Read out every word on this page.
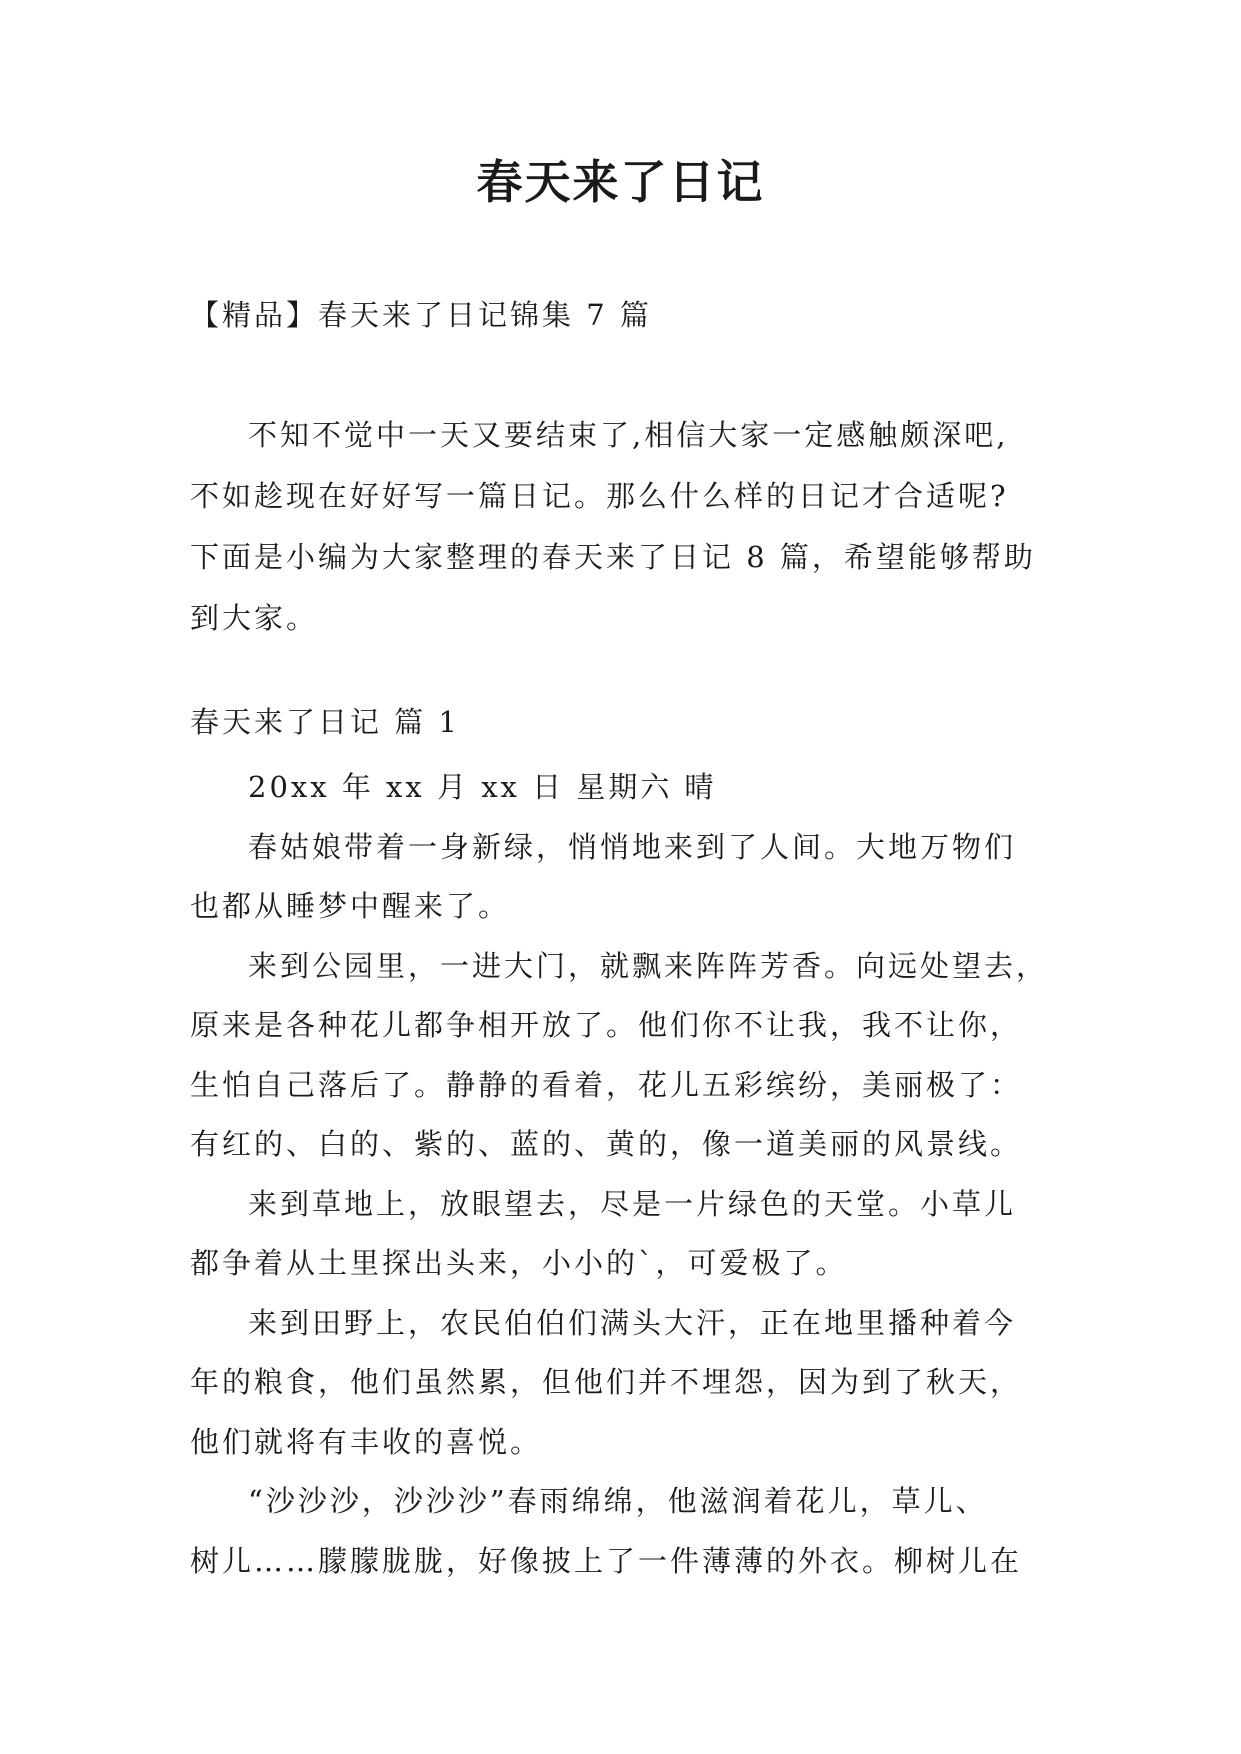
春天来了日记
【精品】春天来了日记锦集 7 篇
不知不觉中一天又要结束了,相信大家一定感触颇深吧,
不如趁现在好好写一篇日记。那么什么样的日记才合适呢?
下面是小编为大家整理的春天来了日记 8 篇，希望能够帮助
到大家。
春天来了日记 篇 1
20xx 年 xx 月 xx 日 星期六 晴
春姑娘带着一身新绿，悄悄地来到了人间。大地万物们
也都从睡梦中醒来了。
来到公园里，一进大门，就飘来阵阵芳香。向远处望去，
原来是各种花儿都争相开放了。他们你不让我，我不让你，
生怕自己落后了。静静的看着，花儿五彩缤纷，美丽极了：
有红的、白的、紫的、蓝的、黄的，像一道美丽的风景线。
来到草地上，放眼望去，尽是一片绿色的天堂。小草儿
都争着从土里探出头来，小小的`，可爱极了。
来到田野上，农民伯伯们满头大汗，正在地里播种着今
年的粮食，他们虽然累，但他们并不埋怨，因为到了秋天，
他们就将有丰收的喜悦。
“沙沙沙，沙沙沙”春雨绵绵，他滋润着花儿，草儿、
树儿……朦朦胧胧，好像披上了一件薄薄的外衣。柳树儿在
